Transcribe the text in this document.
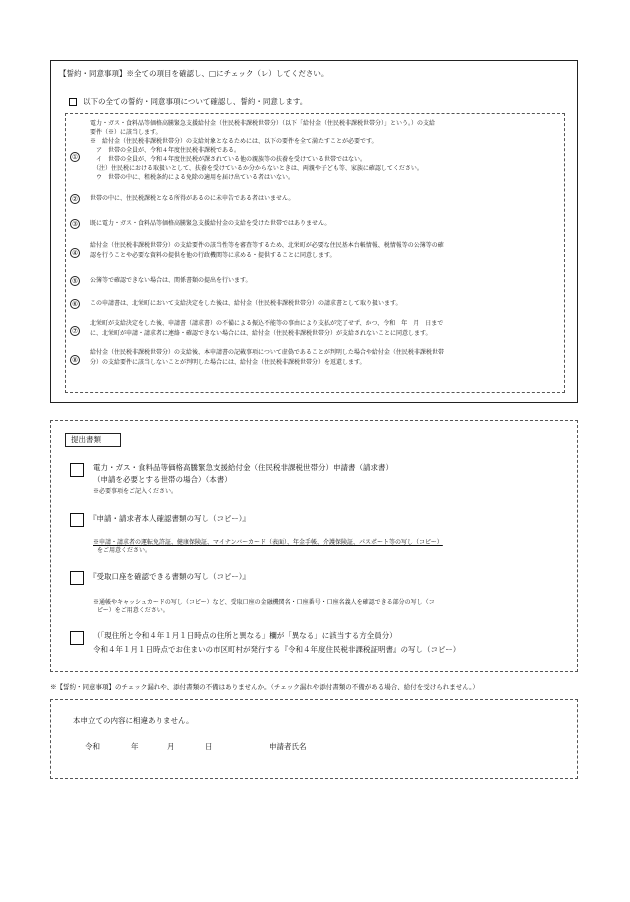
【誓約・同意事項】※全ての項目を確認し、□にチェック（レ）してください。
以下の全ての誓約・同意事項について確認し、誓約・同意します。
①
電力・ガス・食料品等価格高騰緊急支援給付金（住民税非課税世帯分）（以下「給付金（住民税非課税世帯分）」という。）の支給
要件（※）に該当します。
※　給付金（住民税非課税世帯分）の支給対象となるためには、以下の要件を全て満たすことが必要です。
　ア　世帯の全員が、令和４年度住民税非課税である。
　イ　世帯の全員が、令和４年度住民税が課されている他の親族等の扶養を受けている世帯ではない。
　（注）住民税における取扱いとして、扶養を受けているか分からないときは、両親や子ども等、家族に確認してください。
　ウ　世帯の中に、租税条約による免除の適用を届け出ている者はいない。
②	世帯の中に、住民税課税となる所得があるのに未申告である者はいません。
③	既に電力・ガス・食料品等価格高騰緊急支援給付金の支給を受けた世帯ではありません。
④
給付金（住民税非課税世帯分）の支給要件の該当性等を審査等するため、北栄町が必要な住民基本台帳情報、税情報等の公簿等の確
認を行うことや必要な資料の提供を他の行政機関等に求める・提供することに同意します。
⑤	公簿等で確認できない場合は、関係書類の提出を行います。
⑥	この申請書は、北栄町において支給決定をした後は、給付金（住民税非課税世帯分）の請求書として取り扱います。
⑦
北栄町が支給決定をした後、申請書（請求書）の不備による振込不能等の事由により支払が完了せず、かつ、令和　年　月　日まで
に、北栄町が申請・請求者に連絡・確認できない場合には、給付金（住民税非課税世帯分）が支給されないことに同意します。
⑧
給付金（住民税非課税世帯分）の支給後、本申請書の記載事項について虚偽であることが判明した場合や給付金（住民税非課税世帯
分）の支給要件に該当しないことが判明した場合には、給付金（住民税非課税世帯分）を返還します。
提出書類
電力・ガス・食料品等価格高騰緊急支援給付金（住民税非課税世帯分）申請書（請求書）
（申請を必要とする世帯の場合）（本書）
※必要事項をご記入ください。
『申請・請求者本人確認書類の写し（コピー）』
※申請・請求者の運転免許証、健康保険証、マイナンバーカード（表面）、年金手帳、介護保険証、パスポート等の写し（コピー）
をご用意ください。
『受取口座を確認できる書類の写し（コピー）』
※通帳やキャッシュカードの写し（コピー）など、受取口座の金融機関名・口座番号・口座名義人を確認できる部分の写し（コ
ピー）をご用意ください。
（「現住所と令和４年１月１日時点の住所と異なる」欄が「異なる」に該当する方全員分）
令和４年１月１日時点でお住まいの市区町村が発行する『令和４年度住民税非課税証明書』の写し（コピー）
※【誓約・同意事項】のチェック漏れや、添付書類の不備はありませんか。（チェック漏れや添付書類の不備がある場合、給付を受けられません。）
本申立ての内容に相違ありません。
令和	年	月	日	申請者氏名
